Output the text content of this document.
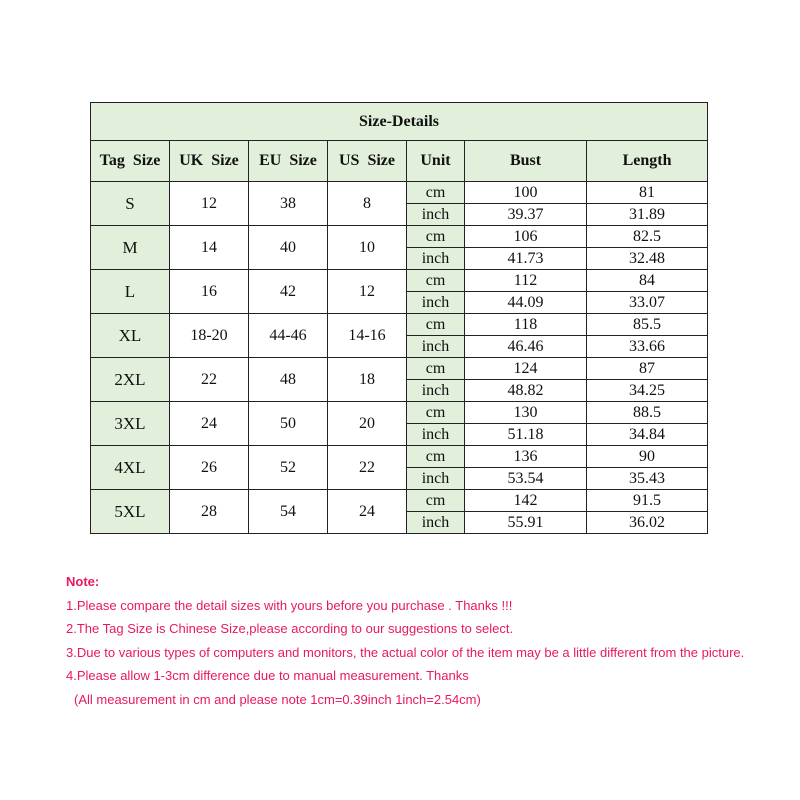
Size-Details						
Tag Size	UK Size	EU Size	US Size	Unit	Bust	Length
S	12	38	8	cm	100	81
				inch	39.37	31.89
M	14	40	10	cm	106	82.5
				inch	41.73	32.48
L	16	42	12	cm	112	84
				inch	44.09	33.07
XL	18-20	44-46	14-16	cm	118	85.5
				inch	46.46	33.66
2XL	22	48	18	cm	124	87
				inch	48.82	34.25
3XL	24	50	20	cm	130	88.5
				inch	51.18	34.84
4XL	26	52	22	cm	136	90
				inch	53.54	35.43
5XL	28	54	24	cm	142	91.5
				inch	55.91	36.02
Note:
1.Please compare the detail sizes with yours before you purchase . Thanks !!!
2.The Tag Size is Chinese Size,please according to our suggestions to select.
3.Due to various types of computers and monitors, the actual color of the item may be a little different from the picture.
4.Please allow 1-3cm difference due to manual measurement. Thanks
(All measurement in cm and please note 1cm=0.39inch 1inch=2.54cm)
